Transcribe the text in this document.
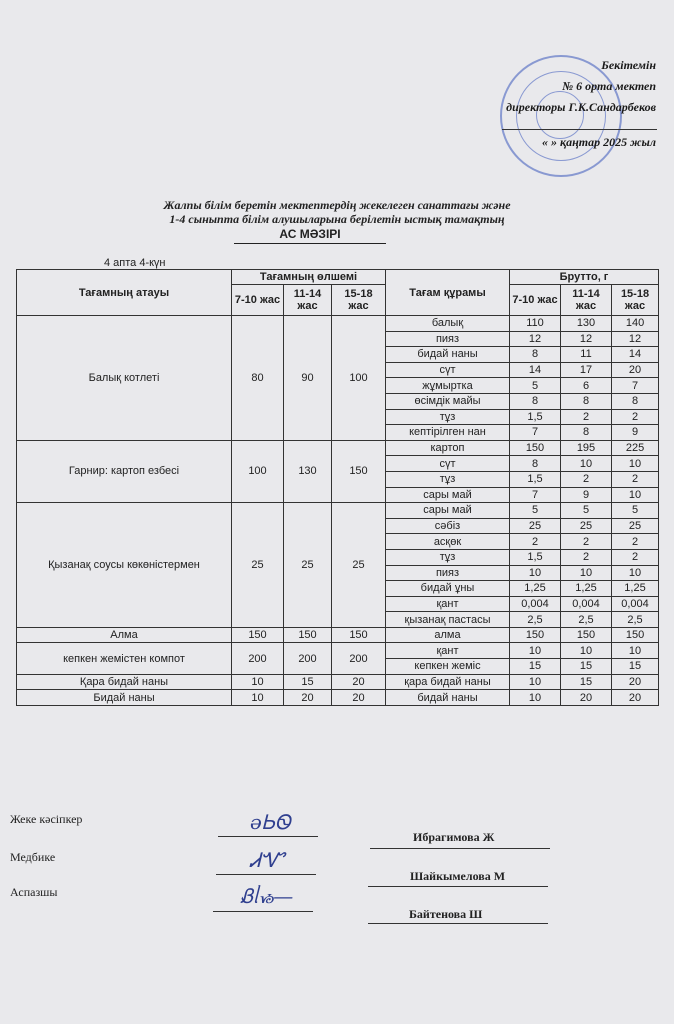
Бекітемін
№ 6 орта мектеп
директоры Г.К.Сандарбеков
« » қаңтар 2025 жыл
Жалпы білім беретін мектептердің жекелеген санаттағы және
1-4 сыныпта білім алушыларына берілетін ыстық тамақтың
АС МӘЗІРІ
4 апта 4-күн
Тағамның атауы	Тағамның өлшемі			Тағам құрамы	Брутто, г		
	7-10 жас	11-14 жас	15-18 жас		7-10 жас	11-14 жас	15-18 жас
Балық котлеті	80	90	100	балық	110	130	140
				пияз	12	12	12
				бидай наны	8	11	14
				сүт	14	17	20
				жұмыртка	5	6	7
				өсімдік майы	8	8	8
				тұз	1,5	2	2
				кептірілген нан	7	8	9
Гарнир: картоп езбесі	100	130	150	картоп	150	195	225
				сүт	8	10	10
				тұз	1,5	2	2
				сары май	7	9	10
Қызанақ соусы көкөністермен	25	25	25	сары май	5	5	5
				сәбіз	25	25	25
				асқөк	2	2	2
				тұз	1,5	2	2
				пияз	10	10	10
				бидай ұны	1,25	1,25	1,25
				қант	0,004	0,004	0,004
				қызанақ пастасы	2,5	2,5	2,5
Алма	150	150	150	алма	150	150	150
кепкен жемістен компот	200	200	200	қант	10	10	10
				кепкен жеміс	15	15	15
Қара бидай наны	10	15	20	қара бидай наны	10	15	20
Бидай наны	10	20	20	бидай наны	10	20	20
Жеке кәсіпкер	ǝᏏᏫ
Ибрагимова Ж
Медбике	ᏗᏉ
Шайкымелова М
Аспазшы	Ᏸᥣᏹ—
Байтенова Ш
